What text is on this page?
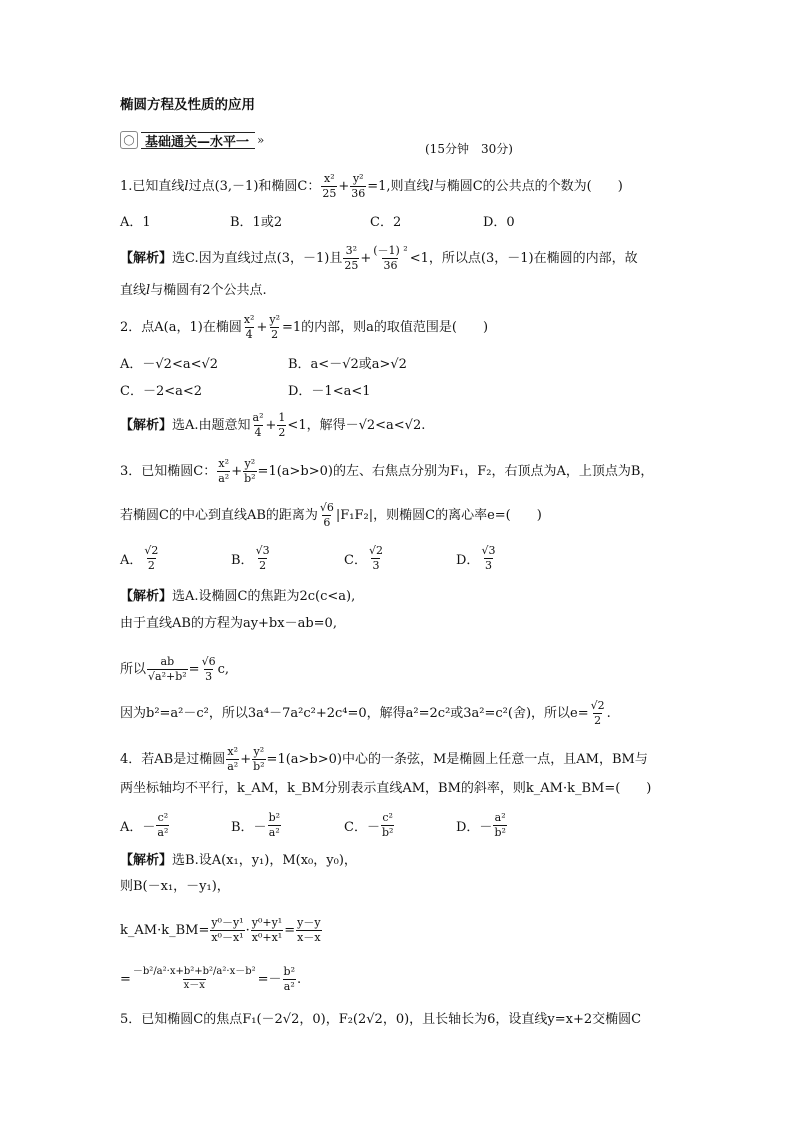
椭圆方程及性质的应用
◯ 基础通关—水平一 »
(15分钟　30分)
1.已知直线 l 过点(3,－1)和椭圆C： $\frac{\text{x²}}{25} + \frac{\text{y²}}{36} =1$,则直线 l 与椭圆C的公共点的个数为(　　)
A．1	B．1或2	C．2	D．0
【解析】 选C.因为直线过点(3，－1)且 $\frac{\text{3²}}{25} + \frac{\text{(－1) ²}}{36} <1$，所以点(3，－1)在椭圆的内部，故
直线 l 与椭圆有2个公共点.
2．点A(a，1)在椭圆 $\frac{\text{x²}}{4} + \frac{\text{y²}}{2} =1$的内部，则a的取值范围是(　　)
A．－√2<a<√2	B．a<－√2或a>√2
C．－2<a<2	D．－1<a<1
【解析】 选A.由题意知 $\frac{\text{a²}}{4} + \frac{1}{2} <1$，解得－√2<a<√2.
3．已知椭圆C： $\frac{\text{x²}}{\text{a²}} + \frac{\text{y²}}{\text{b²}} =1(a>b>0)$的左、右焦点分别为F₁，F₂，右顶点为A，上顶点为B，
若椭圆C的中心到直线AB的距离为 $\frac{√6}{6} |F_1F_2|$，则椭圆C的离心率e=(　　)
A． $\frac{√2}{2}$	B． $\frac{√3}{2}$	C． $\frac{√2}{3}$	D． $\frac{√3}{3}$
【解析】 选A.设椭圆C的焦距为2c(c<a),
由于直线AB的方程为ay+bx－ab=0,
所以 $\frac{ab}{\text{√a²+b²}} = \frac{√6}{3} c$,
因为b²=a²－c²，所以3a⁴－7a²c²+2c⁴=0，解得a²=2c²或3a²=c²(舍)，所以$e= \frac{√2}{2}$ .
4．若AB是过椭圆 $\frac{\text{x²}}{\text{a²}} + \frac{\text{y²}}{\text{b²}} =1(a>b>0)$中心的一条弦，M是椭圆上任意一点，且AM，BM与
两坐标轴均不平行，k_AM，k_BM分别表示直线AM，BM的斜率，则k_AM·k_BM=(　　)
A．－ $\frac{\text{c²}}{\text{a²}}$	B．－ $\frac{\text{b²}}{\text{a²}}$	C．－ $\frac{\text{c²}}{\text{b²}}$	D．－ $\frac{\text{a²}}{\text{b²}}$
【解析】 选B.设A(x₁，y₁)，M(x₀，y₀)，
则B(－x₁，－y₁)，
k_AM·k_BM= $\frac{\text{y⁰－y¹}}{\text{x⁰－x¹}} \cdot \frac{\text{y⁰+y¹}}{\text{x⁰+x¹}} = \frac{y-y}{x-x}$
= $\frac{\text{－b²/a²·x+b²+b²/a²·x－b²}}{x-x} =- \frac{\text{b²}}{\text{a²}}$ .
5．已知椭圆C的焦点F₁(－2√2，0)，F₂(2√2，0)，且长轴长为6，设直线y=x+2交椭圆C
